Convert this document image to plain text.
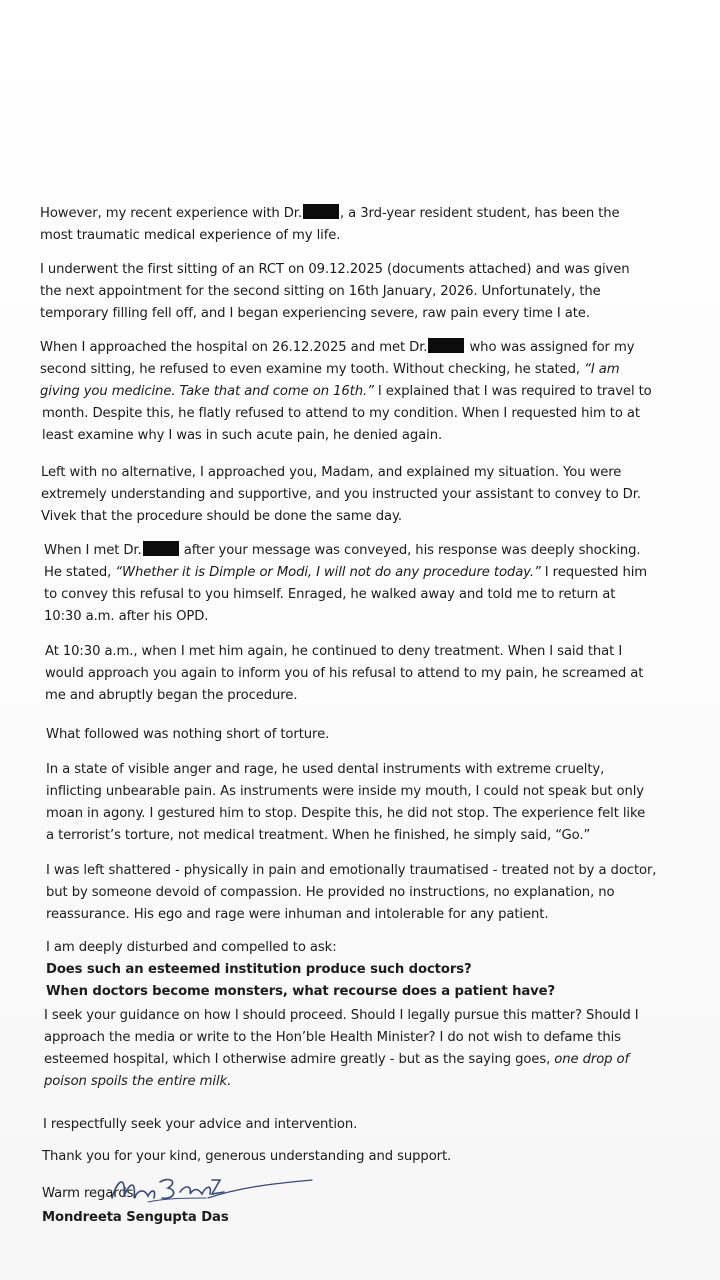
However, my recent experience with Dr.	, a 3rd-year resident student, has been the
most traumatic medical experience of my life.
I underwent the first sitting of an RCT on 09.12.2025 (documents attached) and was given
the next appointment for the second sitting on 16th January, 2026. Unfortunately, the
temporary filling fell off, and I began experiencing severe, raw pain every time I ate.
When I approached the hospital on 26.12.2025 and met Dr.	who was assigned for my
second sitting, he refused to even examine my tooth. Without checking, he stated, “I am
giving you medicine. Take that and come on 16th.” I explained that I was required to travel to
month. Despite this, he flatly refused to attend to my condition. When I requested him to at
least examine why I was in such acute pain, he denied again.
Left with no alternative, I approached you, Madam, and explained my situation. You were
extremely understanding and supportive, and you instructed your assistant to convey to Dr.
Vivek that the procedure should be done the same day.
When I met Dr.	after your message was conveyed, his response was deeply shocking.
He stated, “Whether it is Dimple or Modi, I will not do any procedure today.” I requested him
to convey this refusal to you himself. Enraged, he walked away and told me to return at
10:30 a.m. after his OPD.
At 10:30 a.m., when I met him again, he continued to deny treatment. When I said that I
would approach you again to inform you of his refusal to attend to my pain, he screamed at
me and abruptly began the procedure.
What followed was nothing short of torture.
In a state of visible anger and rage, he used dental instruments with extreme cruelty,
inflicting unbearable pain. As instruments were inside my mouth, I could not speak but only
moan in agony. I gestured him to stop. Despite this, he did not stop. The experience felt like
a terrorist’s torture, not medical treatment. When he finished, he simply said, “Go.”
I was left shattered - physically in pain and emotionally traumatised - treated not by a doctor,
but by someone devoid of compassion. He provided no instructions, no explanation, no
reassurance. His ego and rage were inhuman and intolerable for any patient.
I am deeply disturbed and compelled to ask:
Does such an esteemed institution produce such doctors?
When doctors become monsters, what recourse does a patient have?
I seek your guidance on how I should proceed. Should I legally pursue this matter? Should I
approach the media or write to the Hon’ble Health Minister? I do not wish to defame this
esteemed hospital, which I otherwise admire greatly - but as the saying goes, one drop of
poison spoils the entire milk.
I respectfully seek your advice and intervention.
Thank you for your kind, generous understanding and support.
Warm regards,
Mondreeta Sengupta Das
